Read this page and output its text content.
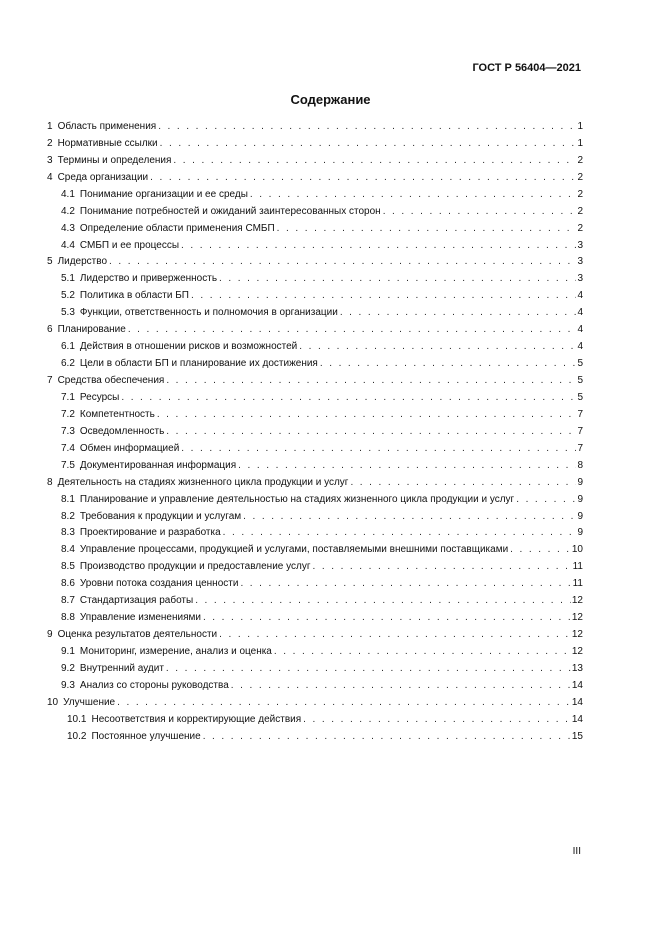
ГОСТ Р 56404—2021
Содержание
1 Область применения . . .	1
2 Нормативные ссылки . . .	1
3 Термины и определения . . .	2
4 Среда организации . . .	2
4.1 Понимание организации и ее среды . . .	2
4.2 Понимание потребностей и ожиданий заинтересованных сторон . . .	2
4.3 Определение области применения СМБП . . .	2
4.4 СМБП и ее процессы . . .	3
5 Лидерство . . .	3
5.1 Лидерство и приверженность . . .	3
5.2 Политика в области БП . . .	4
5.3 Функции, ответственность и полномочия в организации . . .	4
6 Планирование . . .	4
6.1 Действия в отношении рисков и возможностей . . .	4
6.2 Цели в области БП и планирование их достижения . . .	5
7 Средства обеспечения . . .	5
7.1 Ресурсы . . .	5
7.2 Компетентность . . .	7
7.3 Осведомленность . . .	7
7.4 Обмен информацией . . .	7
7.5 Документированная информация . . .	8
8 Деятельность на стадиях жизненного цикла продукции и услуг . . .	9
8.1 Планирование и управление деятельностью на стадиях жизненного цикла продукции и услуг . . .	9
8.2 Требования к продукции и услугам . . .	9
8.3 Проектирование и разработка . . .	9
8.4 Управление процессами, продукцией и услугами, поставляемыми внешними поставщиками . . .	10
8.5 Производство продукции и предоставление услуг . . .	11
8.6 Уровни потока создания ценности . . .	11
8.7 Стандартизация работы . . .	12
8.8 Управление изменениями . . .	12
9 Оценка результатов деятельности . . .	12
9.1 Мониторинг, измерение, анализ и оценка . . .	12
9.2 Внутренний аудит . . .	13
9.3 Анализ со стороны руководства . . .	14
10 Улучшение . . .	14
10.1 Несоответствия и корректирующие действия . . .	14
10.2 Постоянное улучшение . . .	15
III
